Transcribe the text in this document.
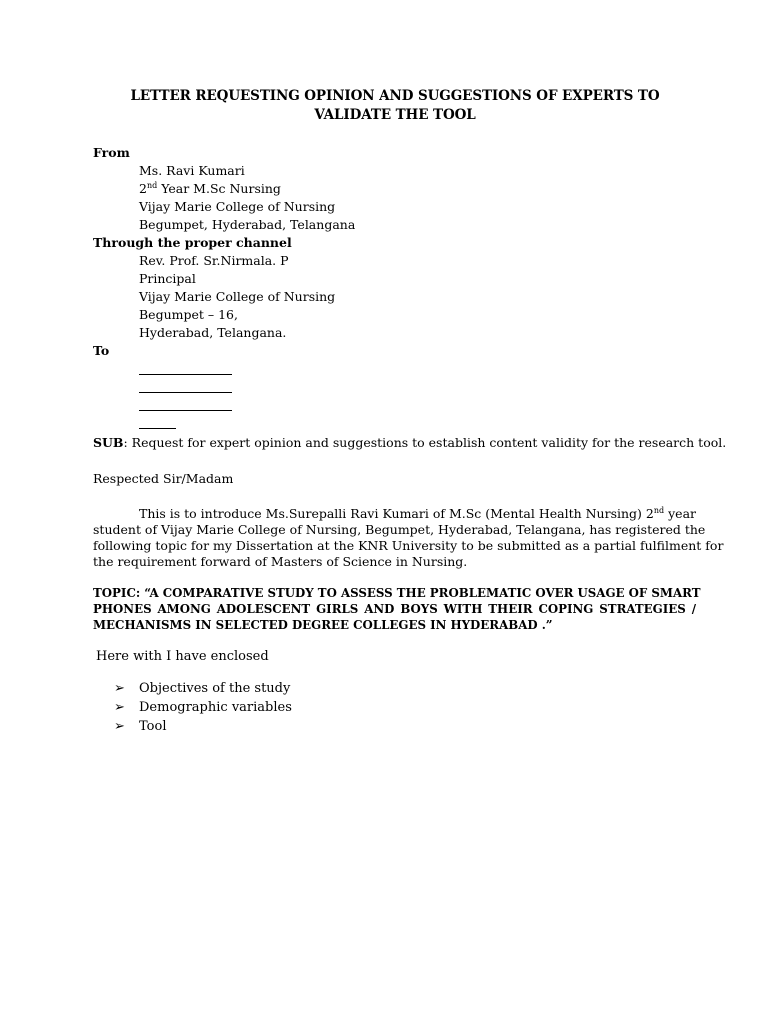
LETTER REQUESTING OPINION AND SUGGESTIONS OF EXPERTS TO VALIDATE THE TOOL
From
Ms. Ravi Kumari
2nd Year M.Sc Nursing
Vijay Marie College of Nursing
Begumpet, Hyderabad, Telangana
Through the proper channel
Rev. Prof. Sr.Nirmala. P
Principal
Vijay Marie College of Nursing
Begumpet – 16,
Hyderabad, Telangana.
To
SUB: Request for expert opinion and suggestions to establish content validity for the research tool.
Respected Sir/Madam
This is to introduce Ms.Surepalli Ravi Kumari of M.Sc (Mental Health Nursing) 2nd year
student of Vijay Marie College of Nursing, Begumpet, Hyderabad, Telangana, has registered the
following topic for my Dissertation at the KNR University to be submitted as a partial fulfilment for
the requirement forward of Masters of Science in Nursing.
TOPIC: “A COMPARATIVE STUDY TO ASSESS THE PROBLEMATIC OVER USAGE OF SMART
PHONES AMONG ADOLESCENT GIRLS AND BOYS WITH THEIR COPING STRATEGIES /
MECHANISMS IN SELECTED DEGREE COLLEGES IN HYDERABAD .”
Here with I have enclosed
➢ Objectives of the study
➢ Demographic variables
➢ Tool
